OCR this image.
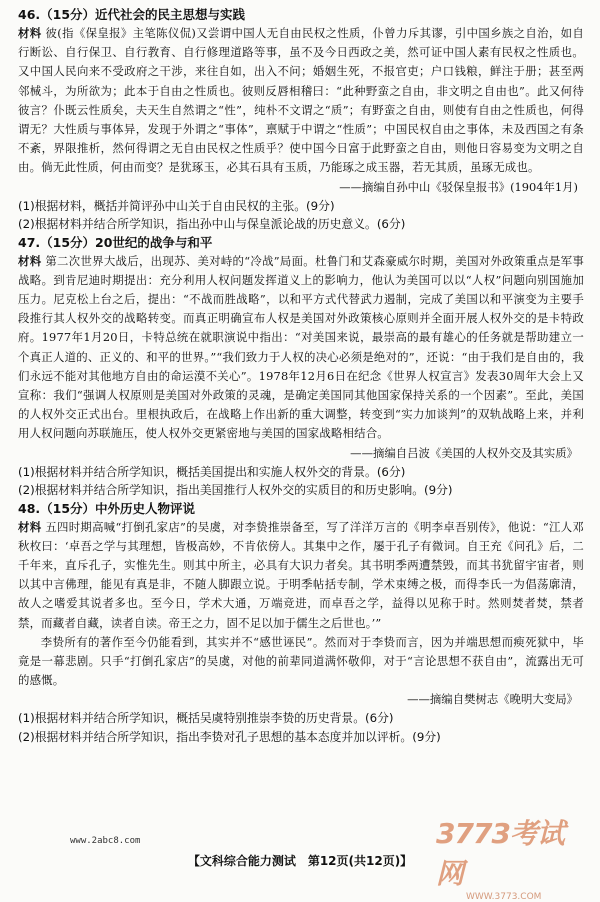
46.（15分）近代社会的民主思想与实践

材料 彼(指《保皇报》主笔陈仪侃)又尝谓中国人无自由民权之性质，仆曾力斥其谬，引中国乡族之自治，如自行断讼、自行保卫、自行教育、自行修理道路等事，虽不及今日西政之美，然可证中国人素有民权之性质也。又中国人民向来不受政府之干涉，来往自如，出入不问；婚姻生死，不报官吏；户口钱粮，鲜注于册；甚至两邻械斗，为所欲为；此本于自由之性质也。彼则反唇相稽曰：“此种野蛮之自由，非文明之自由也”。此又何待彼言？仆既云性质矣，夫天生自然谓之“性”，纯朴不文谓之“质”；有野蛮之自由，则使有自由之性质也，何得谓无？大性质与事体异，发现于外谓之“事体”，禀赋于中谓之“性质”；中国民权自由之事体，未及西国之有条不紊，界限推析，然何得谓之无自由民权之性质乎？使中国今日富于此野蛮之自由，则他日容易变为文明之自由。倘无此性质，何由而变？是犹琢玉，必其石具有玉质，乃能琢之成玉器，若无其质，虽琢无成也。

——摘编自孙中山《驳保皇报书》(1904年1月)

(1)根据材料，概括并简评孙中山关于自由民权的主张。(9分)

(2)根据材料并结合所学知识，指出孙中山与保皇派论战的历史意义。(6分)

47.（15分）20世纪的战争与和平

材料 第二次世界大战后，出现苏、美对峙的“冷战”局面。杜鲁门和艾森豪威尔时期，美国对外政策重点是军事战略。到肯尼迪时期提出：充分利用人权问题发挥道义上的影响力，他认为美国可以以“人权”问题向别国施加压力。尼克松上台之后，提出：“不战而胜战略”，以和平方式代替武力遏制，完成了美国以和平演变为主要手段推行其人权外交的战略转变。而真正明确宣布人权是美国对外政策核心原则并全面开展人权外交的是卡特政府。1977年1月20日，卡特总统在就职演说中指出：“对美国来说，最崇高的最有雄心的任务就是帮助建立一个真正人道的、正义的、和平的世界。”“我们致力于人权的决心必须是绝对的”，还说：“由于我们是自由的，我们永远不能对其他地方自由的命运漠不关心”。1978年12月6日在纪念《世界人权宣言》发表30周年大会上又宣称：我们“强调人权原则是美国对外政策的灵魂，是确定美国同其他国家保持关系的一个因素”。至此，美国的人权外交正式出台。里根执政后，在战略上作出新的重大调整，转变到“实力加谈判”的双轨战略上来，并利用人权问题向苏联施压，使人权外交更紧密地与美国的国家战略相结合。

——摘编自吕波《美国的人权外交及其实质》

(1)根据材料并结合所学知识，概括美国提出和实施人权外交的背景。(6分)

(2)根据材料并结合所学知识，指出美国推行人权外交的实质目的和历史影响。(9分)

48.（15分）中外历史人物评说

材料 五四时期高喊“打倒孔家店”的吴虞，对李贽推崇备至，写了洋洋万言的《明李卓吾别传》，他说：“江人邓秋枚曰：‘卓吾之学与其理想，皆极高妙，不肯依傍人。其集中之作，屡于孔子有微词。自王充《问孔》后，二千年来，直斥孔子，实惟先生。则其中所主，必具有大识力者矣。其书明季两遭禁毁，而其书犹留宇宙者，则以其中言佛理，能见有真是非，不随人脚跟立说。于明季帖括专制，学术束缚之极，而得李氏一为倡荡廓清，故人之嗜爱其说者多也。至今日，学术大通，万端竞进，而卓吾之学，益得以见称于时。然则焚者焚，禁者禁，而藏者自藏，读者自读。帝王之力，固不足以加于儒生之后世也。’”

李贽所有的著作至今仍能看到，其实并不“感世诬民”。然而对于李贽而言，因为并端思想而瘐死狱中，毕竟是一幕悲剧。只手“打倒孔家店”的吴虞，对他的前辈同道满怀敬仰，对于“言论思想不获自由”，流露出无可的感慨。

——摘编自樊树志《晚明大变局》

(1)根据材料并结合所学知识，概括吴虞特别推崇李贽的历史背景。(6分)

(2)根据材料并结合所学知识，指出李贽对孔子思想的基本态度并加以评析。(9分)

www.2abc8.com	3773考试网
WWW.3773.COM
【文科综合能力测试　第12页(共12页)】
